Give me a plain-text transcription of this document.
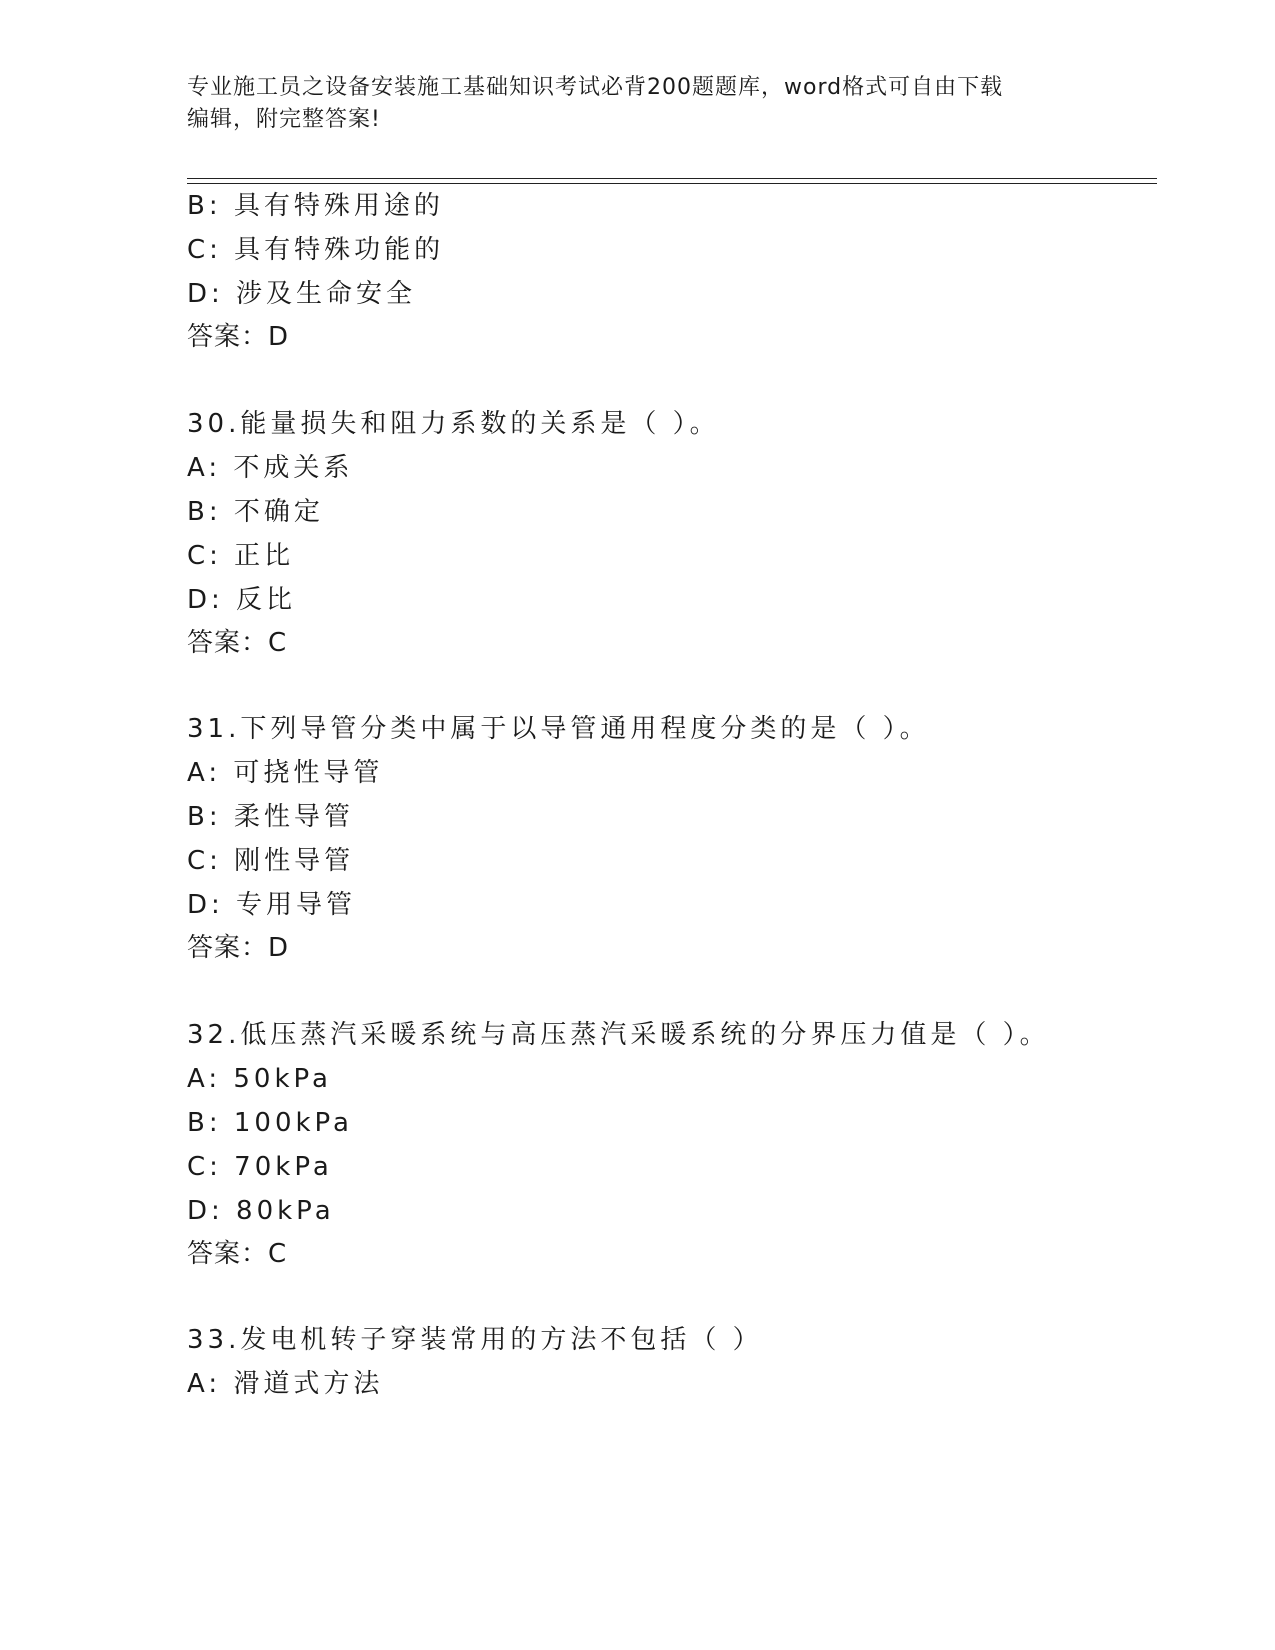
专业施工员之设备安装施工基础知识考试必背200题题库，word格式可自由下载
编辑，附完整答案!
B: 具有特殊用途的
C: 具有特殊功能的
D: 涉及生命安全
答案：D
30.能量损失和阻力系数的关系是（ ）。
A: 不成关系
B: 不确定
C: 正比
D: 反比
答案：C
31.下列导管分类中属于以导管通用程度分类的是（ ）。
A: 可挠性导管
B: 柔性导管
C: 刚性导管
D: 专用导管
答案：D
32.低压蒸汽采暖系统与高压蒸汽采暖系统的分界压力值是（ ）。
A: 50kPa
B: 100kPa
C: 70kPa
D: 80kPa
答案：C
33.发电机转子穿装常用的方法不包括（ ）
A: 滑道式方法
